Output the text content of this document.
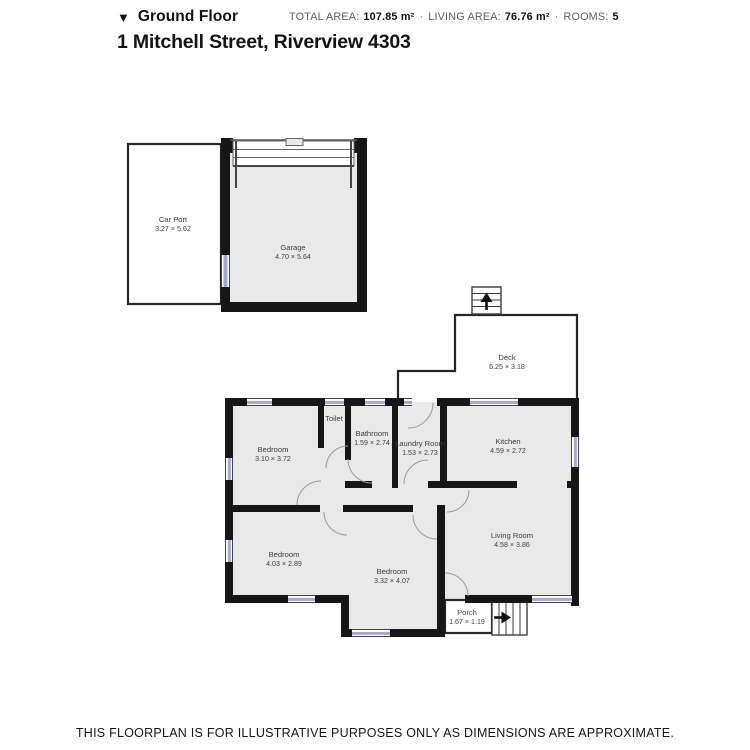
▼ Ground Floor	TOTAL AREA: 107.85 m² · LIVING AREA: 76.76 m² · ROOMS: 5
1 Mitchell Street, Riverview 4303
Car Port
3.27 × 5.62
Garage
4.70 × 5.64
Deck
6.25 × 3.18
Toilet
Bathroom
1.59 × 2.74 Laundry Room
1.53 × 2.73
Kitchen
4.59 × 2.72
Bedroom
3.10 × 3.72
Bedroom
4.03 × 2.89
Bedroom
3.32 × 4.07
Living Room
4.58 × 3.86
Porch
1.67 × 1.19
THIS FLOORPLAN IS FOR ILLUSTRATIVE PURPOSES ONLY AS DIMENSIONS ARE APPROXIMATE.
